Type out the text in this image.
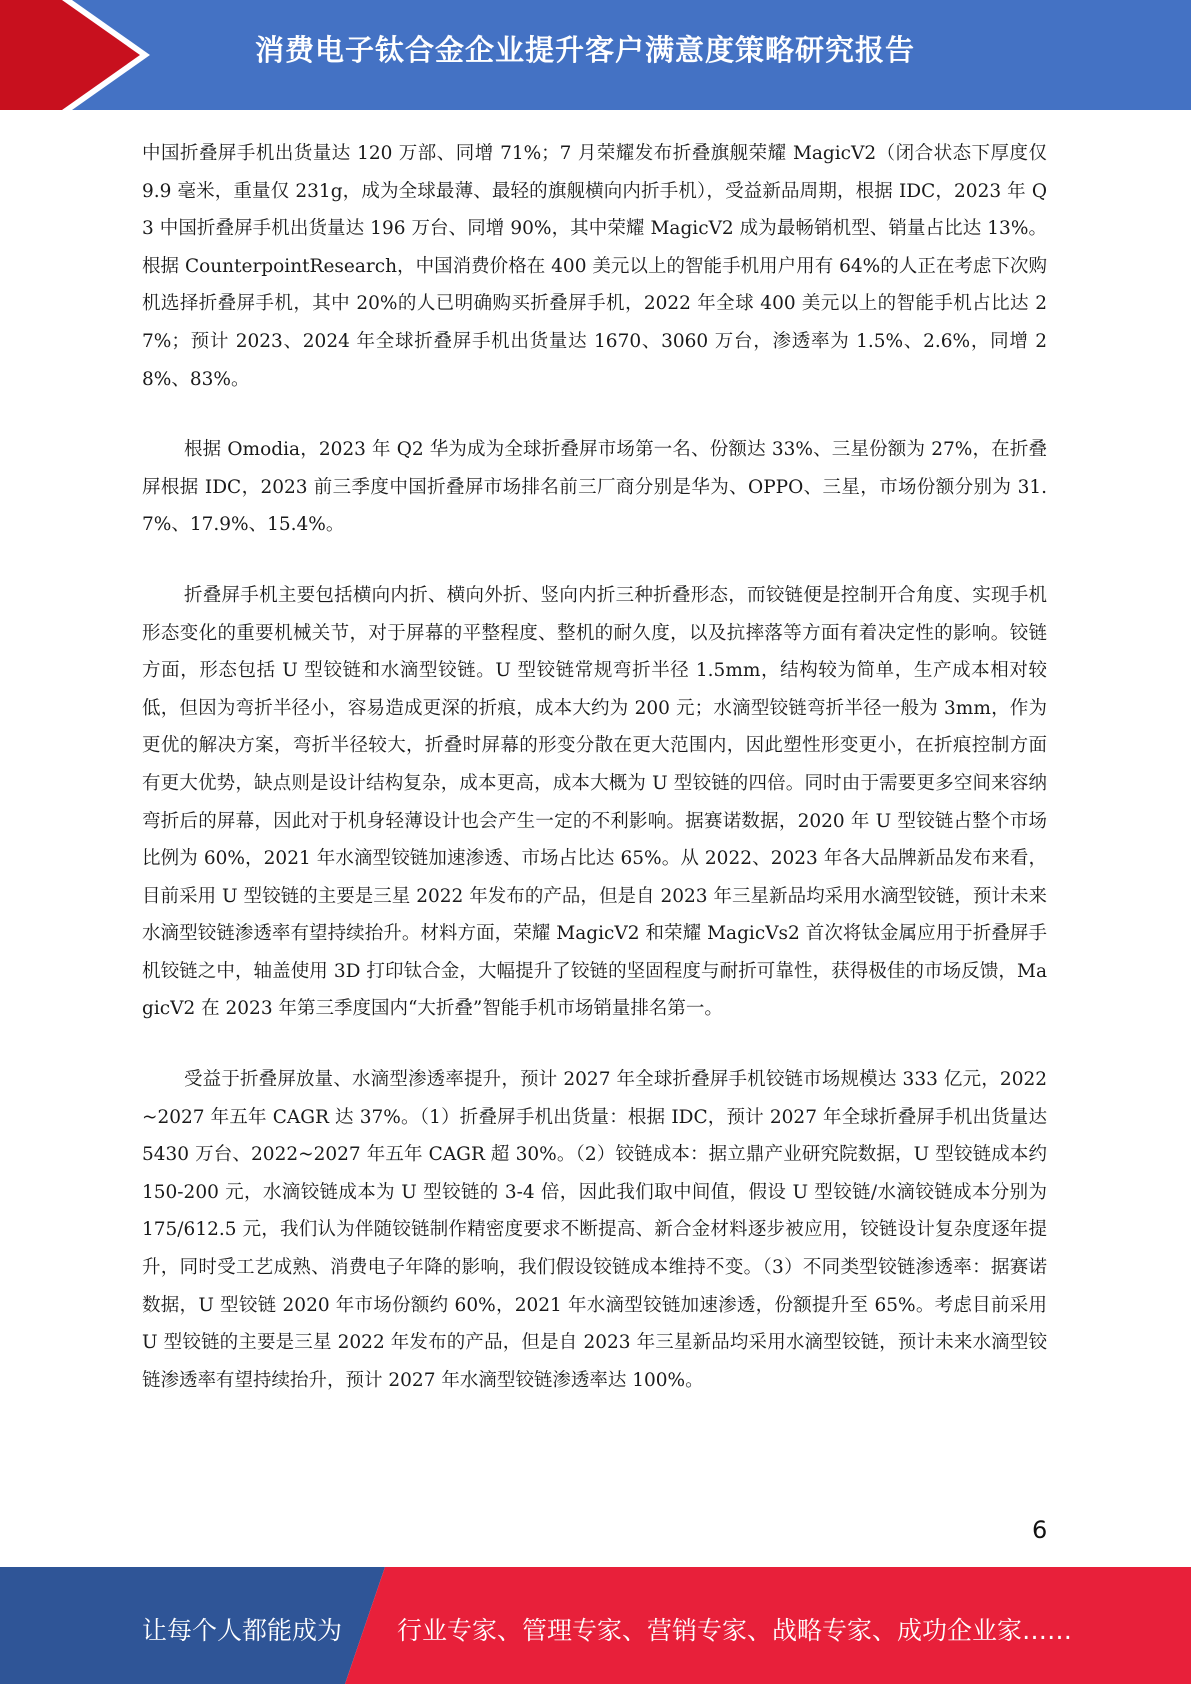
消费电子钛合金企业提升客户满意度策略研究报告

中国折叠屏手机出货量达 120 万部、同增 71%；7 月荣耀发布折叠旗舰荣耀 MagicV2（闭合状态下厚度仅 9.9 毫米，重量仅 231g，成为全球最薄、最轻的旗舰横向内折手机），受益新品周期，根据 IDC，2023 年 Q3 中国折叠屏手机出货量达 196 万台、同增 90%，其中荣耀 MagicV2 成为最畅销机型、销量占比达 13%。根据 CounterpointResearch，中国消费价格在 400 美元以上的智能手机用户用有 64%的人正在考虑下次购机选择折叠屏手机，其中 20%的人已明确购买折叠屏手机，2022 年全球 400 美元以上的智能手机占比达 27%；预计 2023、2024 年全球折叠屏手机出货量达 1670、3060 万台，渗透率为 1.5%、2.6%，同增 28%、83%。

根据 Omodia，2023 年 Q2 华为成为全球折叠屏市场第一名、份额达 33%、三星份额为 27%，在折叠屏根据 IDC，2023 前三季度中国折叠屏市场排名前三厂商分别是华为、OPPO、三星，市场份额分别为 31.7%、17.9%、15.4%。

折叠屏手机主要包括横向内折、横向外折、竖向内折三种折叠形态，而铰链便是控制开合角度、实现手机形态变化的重要机械关节，对于屏幕的平整程度、整机的耐久度，以及抗摔落等方面有着决定性的影响。铰链方面，形态包括 U 型铰链和水滴型铰链。U 型铰链常规弯折半径 1.5mm，结构较为简单，生产成本相对较低，但因为弯折半径小，容易造成更深的折痕，成本大约为 200 元；水滴型铰链弯折半径一般为 3mm，作为更优的解决方案，弯折半径较大，折叠时屏幕的形变分散在更大范围内，因此塑性形变更小，在折痕控制方面有更大优势，缺点则是设计结构复杂，成本更高，成本大概为 U 型铰链的四倍。同时由于需要更多空间来容纳弯折后的屏幕，因此对于机身轻薄设计也会产生一定的不利影响。据赛诺数据，2020 年 U 型铰链占整个市场比例为 60%，2021 年水滴型铰链加速渗透、市场占比达 65%。从 2022、2023 年各大品牌新品发布来看，目前采用 U 型铰链的主要是三星 2022 年发布的产品，但是自 2023 年三星新品均采用水滴型铰链，预计未来水滴型铰链渗透率有望持续抬升。材料方面，荣耀 MagicV2 和荣耀 MagicVs2 首次将钛金属应用于折叠屏手机铰链之中，轴盖使用 3D 打印钛合金，大幅提升了铰链的坚固程度与耐折可靠性，获得极佳的市场反馈，MagicV2 在 2023 年第三季度国内“大折叠”智能手机市场销量排名第一。

受益于折叠屏放量、水滴型渗透率提升，预计 2027 年全球折叠屏手机铰链市场规模达 333 亿元，2022~2027 年五年 CAGR 达 37%。（1）折叠屏手机出货量：根据 IDC，预计 2027 年全球折叠屏手机出货量达 5430 万台、2022~2027 年五年 CAGR 超 30%。（2）铰链成本：据立鼎产业研究院数据，U 型铰链成本约 150-200 元，水滴铰链成本为 U 型铰链的 3-4 倍，因此我们取中间值，假设 U 型铰链/水滴铰链成本分别为 175/612.5 元，我们认为伴随铰链制作精密度要求不断提高、新合金材料逐步被应用，铰链设计复杂度逐年提升，同时受工艺成熟、消费电子年降的影响，我们假设铰链成本维持不变。（3）不同类型铰链渗透率：据赛诺数据，U 型铰链 2020 年市场份额约 60%，2021 年水滴型铰链加速渗透，份额提升至 65%。考虑目前采用 U 型铰链的主要是三星 2022 年发布的产品，但是自 2023 年三星新品均采用水滴型铰链，预计未来水滴型铰链渗透率有望持续抬升，预计 2027 年水滴型铰链渗透率达 100%。

6
让每个人都能成为 行业专家、管理专家、营销专家、战略专家、成功企业家……
